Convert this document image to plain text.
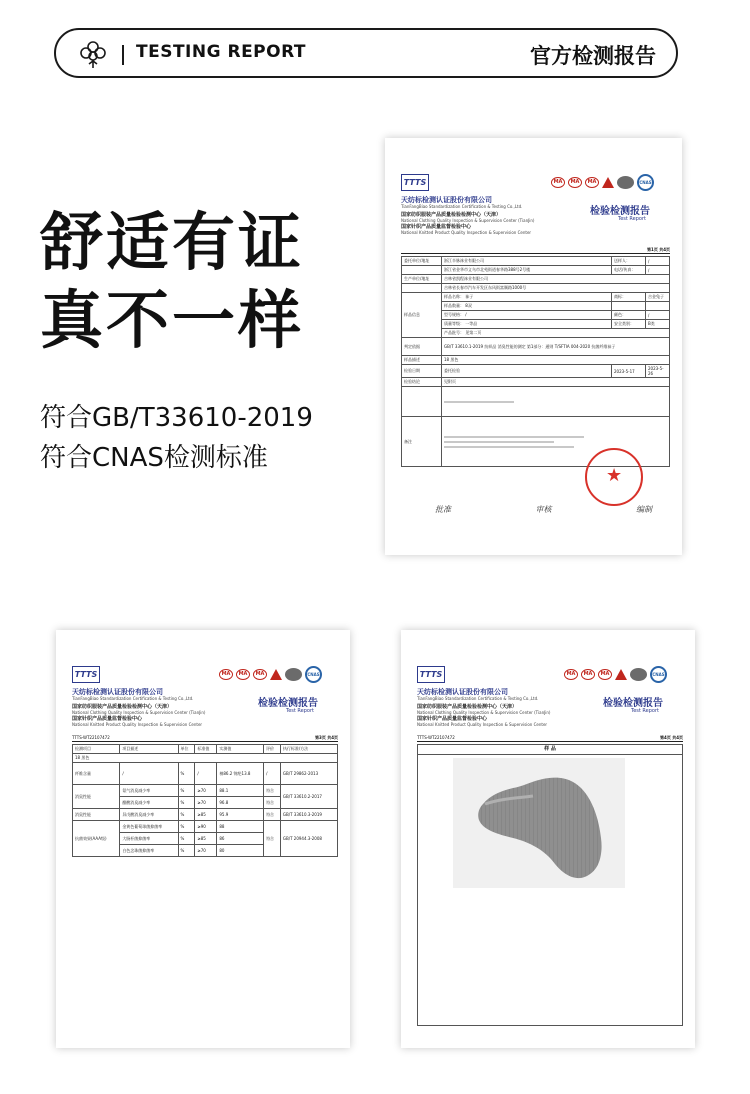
TESTING REPORT	官方检测报告
舒适有证
真不一样
符合GB/T33610-2019
符合CNAS检测标准
TTTS
天纺标检测认证股份有限公司
TianFangBiao Standardization Certification & Testing Co.,Ltd.
国家纺织服装产品质量检验检测中心（天津）
National Clothing Quality Inspection & Supervision Center (TianJin)
国家针织产品质量监督检验中心
National Knitted Product Quality Inspection & Supervision Center
MA	MA	MA	CNAS
检验检测报告
Test Report
第1页 共4页
委托单位/地址	浙江辛脉袜业有限公司	送样人：	/
	浙江省金华市义乌市北苑街道春华路388号2号楼	电话/传真：	/
生产单位/地址	吉林省凯程袜业有限公司		
	吉林省长春市汽车开发区东风街富顺路1000号		
样品信息	样品名称： 袜子	商标：	吉金兔子
	样品数量： 8双		
	型号规格： /	颜色：	/
	质量等级： 一等品	安全类别：	B类
	产品批号： 见第二页		
判定依据	GB/T 33610.1-2019 纺织品 消臭性能的测定 第1部分：通则 T/SFTIA 004-2020 抗菌纤维袜子		
样品描述	18 黑色		
检验日期	委托检验	2023-5-17	2023-5-26
检验结论	见附页		

备注			

★
批准	审核	编制
TTTS
天纺标检测认证股份有限公司
TianFangBiao Standardization Certification & Testing Co.,Ltd.
国家纺织服装产品质量检验检测中心（天津）
National Clothing Quality Inspection & Supervision Center (TianJin)
国家针织产品质量监督检验中心
National Knitted Product Quality Inspection & Supervision Center
MA	MA	MA	CNAS
检验检测报告
Test Report
TTTS-WT22107472	第3页 共4页
检测项目	项目描述	单位	标准值	实测值	评价	执行标准/方法
18 黑色						
纤维含量	/	%	/	棉86.2 锦纶13.8	/	GB/T 29862-2013
消臭性能	氨气消臭减少率	%	≥70	88.1	符合	GB/T 33610.2-2017
	醋酸消臭减少率	%	≥70	96.8	符合	
消臭性能	异戊酸消臭减少率	%	≥85	95.9	符合	GB/T 33610.3-2019
抗菌效果(AAA级)	金黄色葡萄球菌抑菌率	%	≥90	88	符合	GB/T 20944.3-2008
	大肠杆菌抑菌率	%	≥85	86		
	白色念珠菌抑菌率	%	≥70	80		
TTTS
天纺标检测认证股份有限公司
TianFangBiao Standardization Certification & Testing Co.,Ltd.
国家纺织服装产品质量检验检测中心（天津）
National Clothing Quality Inspection & Supervision Center (TianJin)
国家针织产品质量监督检验中心
National Knitted Product Quality Inspection & Supervision Center
MA	MA	MA	CNAS
检验检测报告
Test Report
TTTS-WT22107472	第4页 共4页
样 品
